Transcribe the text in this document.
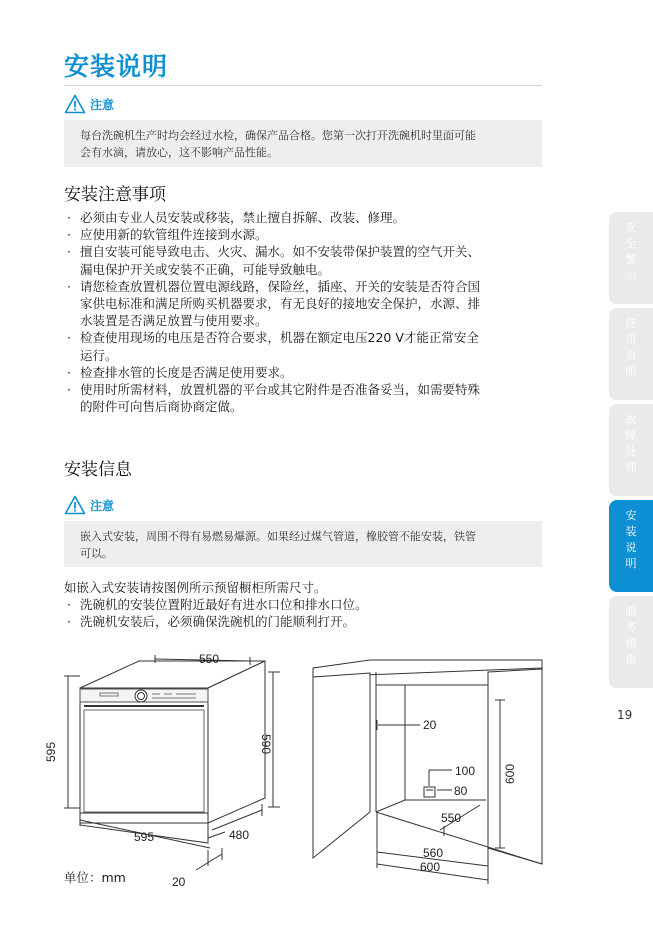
安装说明
注意

每台洗碗机生产时均会经过水检，确保产品合格。您第一次打开洗碗机时里面可能

会有水滴，请放心，这不影响产品性能。

安装注意事项
· 必须由专业人员安装或移装，禁止擅自拆解、改装、修理。
· 应使用新的软管组件连接到水源。
· 擅自安装可能导致电击、火灾、漏水。如不安装带保护装置的空气开关、
漏电保护开关或安装不正确，可能导致触电。
· 请您检查放置机器位置电源线路，保险丝，插座、开关的安装是否符合国
家供电标准和满足所购买机器要求，有无良好的接地安全保护，水源、排
水装置是否满足放置与使用要求。
· 检查使用现场的电压是否符合要求，机器在额定电压220 V才能正常安全
运行。
· 检查排水管的长度是否满足使用要求。
· 使用时所需材料，放置机器的平台或其它附件是否准备妥当，如需要特殊
的附件可向售后商协商定做。
安装信息
注意

嵌入式安装，周围不得有易燃易爆源。如果经过煤气管道，橡胶管不能安装，铁管

可以。

如嵌入式安装请按图例所示预留橱柜所需尺寸。
· 洗碗机的安装位置附近最好有进水口位和排水口位。
· 洗碗机安装后，必须确保洗碗机的门能顺利打开。
550
595	590
595	480
20
20
100
80
600
550
560
600
单位：mm
安
全
警
示
使
用
说
明
故
障
处
理
安
装
说
明
服
务
指
南
19
